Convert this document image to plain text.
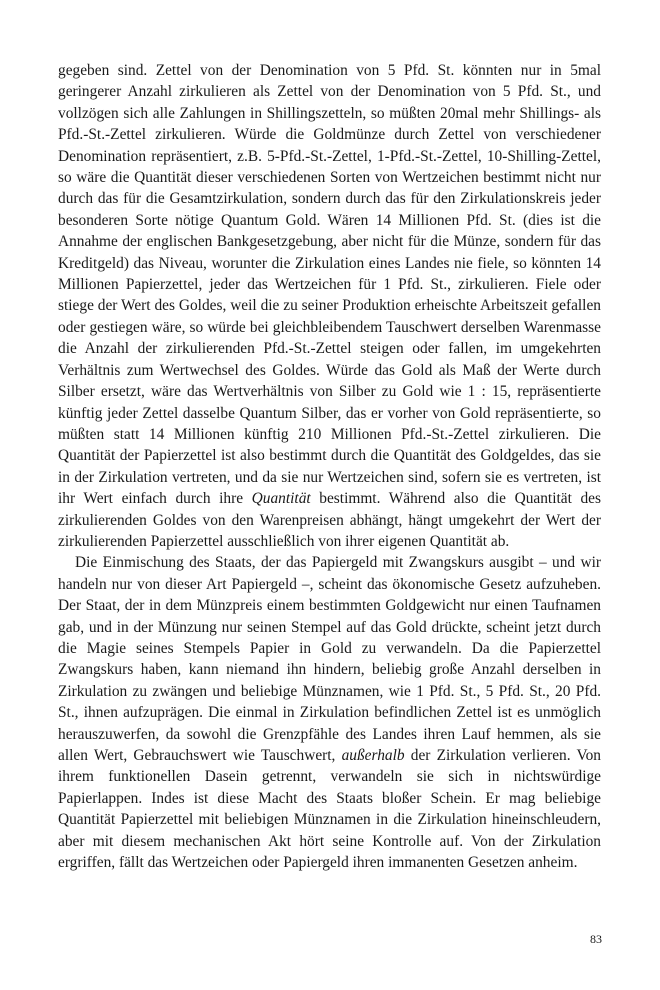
gegeben sind. Zettel von der Denomination von 5 Pfd. St. könnten nur in 5mal geringerer Anzahl zirkulieren als Zettel von der Denomination von 5 Pfd. St., und vollzögen sich alle Zahlungen in Shillingszetteln, so müßten 20mal mehr Shillings- als Pfd.-St.-Zettel zirkulieren. Würde die Goldmünze durch Zettel von verschiedener Denomination repräsentiert, z.B. 5-Pfd.-St.-Zettel, 1-Pfd.-St.-Zettel, 10-Shilling-Zettel, so wäre die Quantität dieser verschiedenen Sorten von Wertzeichen bestimmt nicht nur durch das für die Gesamtzirkulation, sondern durch das für den Zirkulationskreis jeder besonderen Sorte nötige Quantum Gold. Wären 14 Millionen Pfd. St. (dies ist die Annahme der englischen Bankgesetzgebung, aber nicht für die Münze, sondern für das Kreditgeld) das Niveau, worunter die Zirkulation eines Landes nie fiele, so könnten 14 Millionen Papierzettel, jeder das Wertzeichen für 1 Pfd. St., zirkulieren. Fiele oder stiege der Wert des Goldes, weil die zu seiner Produktion erheischte Arbeitszeit gefallen oder gestiegen wäre, so würde bei gleichbleibendem Tauschwert derselben Warenmasse die Anzahl der zirkulierenden Pfd.-St.-Zettel steigen oder fallen, im umgekehrten Verhältnis zum Wertwechsel des Goldes. Würde das Gold als Maß der Werte durch Silber ersetzt, wäre das Wertverhältnis von Silber zu Gold wie 1 : 15, repräsentierte künftig jeder Zettel dasselbe Quantum Silber, das er vorher von Gold repräsentierte, so müßten statt 14 Millionen künftig 210 Millionen Pfd.-St.-Zettel zirkulieren. Die Quantität der Papierzettel ist also bestimmt durch die Quantität des Goldgeldes, das sie in der Zirkulation vertreten, und da sie nur Wertzeichen sind, sofern sie es vertreten, ist ihr Wert einfach durch ihre Quantität bestimmt. Während also die Quantität des zirkulierenden Goldes von den Warenpreisen abhängt, hängt umgekehrt der Wert der zirkulierenden Papierzettel ausschließlich von ihrer eigenen Quantität ab.

Die Einmischung des Staats, der das Papiergeld mit Zwangskurs ausgibt – und wir handeln nur von dieser Art Papiergeld –, scheint das ökonomische Gesetz aufzuheben. Der Staat, der in dem Münzpreis einem bestimmten Goldgewicht nur einen Taufnamen gab, und in der Münzung nur seinen Stempel auf das Gold drückte, scheint jetzt durch die Magie seines Stempels Papier in Gold zu verwandeln. Da die Papierzettel Zwangskurs haben, kann niemand ihn hindern, beliebig große Anzahl derselben in Zirkulation zu zwängen und beliebige Münznamen, wie 1 Pfd. St., 5 Pfd. St., 20 Pfd. St., ihnen aufzuprägen. Die einmal in Zirkulation befindlichen Zettel ist es unmöglich herauszuwerfen, da sowohl die Grenzpfähle des Landes ihren Lauf hemmen, als sie allen Wert, Gebrauchswert wie Tauschwert, außerhalb der Zirkulation verlieren. Von ihrem funktionellen Dasein getrennt, verwandeln sie sich in nichtswürdige Papierlappen. Indes ist diese Macht des Staats bloßer Schein. Er mag beliebige Quantität Papierzettel mit beliebigen Münznamen in die Zirkulation hineinschleudern, aber mit diesem mechanischen Akt hört seine Kontrolle auf. Von der Zirkulation ergriffen, fällt das Wertzeichen oder Papiergeld ihren immanenten Gesetzen anheim.

83
